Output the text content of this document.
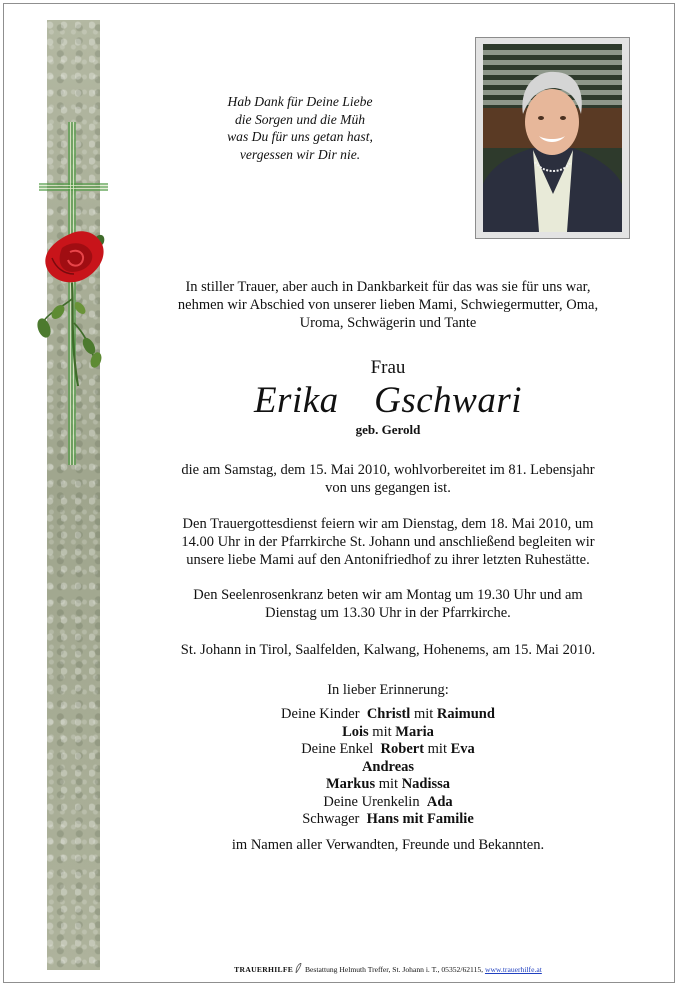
Hab Dank für Deine Liebe
die Sorgen und die Müh
was Du für uns getan hast,
vergessen wir Dir nie.
In stiller Trauer, aber auch in Dankbarkeit für das was sie für uns war,
nehmen wir Abschied von unserer lieben Mami, Schwiegermutter, Oma,
Uroma, Schwägerin und Tante
Frau
Erika  Gschwari
geb. Gerold
die am Samstag, dem 15. Mai 2010, wohlvorbereitet im 81. Lebensjahr
von uns gegangen ist.
Den Trauergottesdienst feiern wir am Dienstag, dem 18. Mai 2010, um
14.00 Uhr in der Pfarrkirche St. Johann und anschließend begleiten wir
unsere liebe Mami auf den Antonifriedhof zu ihrer letzten Ruhestätte.
Den Seelenrosenkranz beten wir am Montag um 19.30 Uhr und am
Dienstag um 13.30 Uhr in der Pfarrkirche.
St. Johann in Tirol, Saalfelden, Kalwang, Hohenems, am 15. Mai 2010.
In lieber Erinnerung:
Deine Kinder Christl mit Raimund
Lois mit Maria
Deine Enkel Robert mit Eva
Andreas
Markus mit Nadissa
Deine Urenkelin Ada
Schwager Hans mit Familie
im Namen aller Verwandten, Freunde und Bekannten.
TRAUERHILFE Bestattung Helmuth Treffer, St. Johann i. T., 05352/62115, www.trauerhilfe.at
